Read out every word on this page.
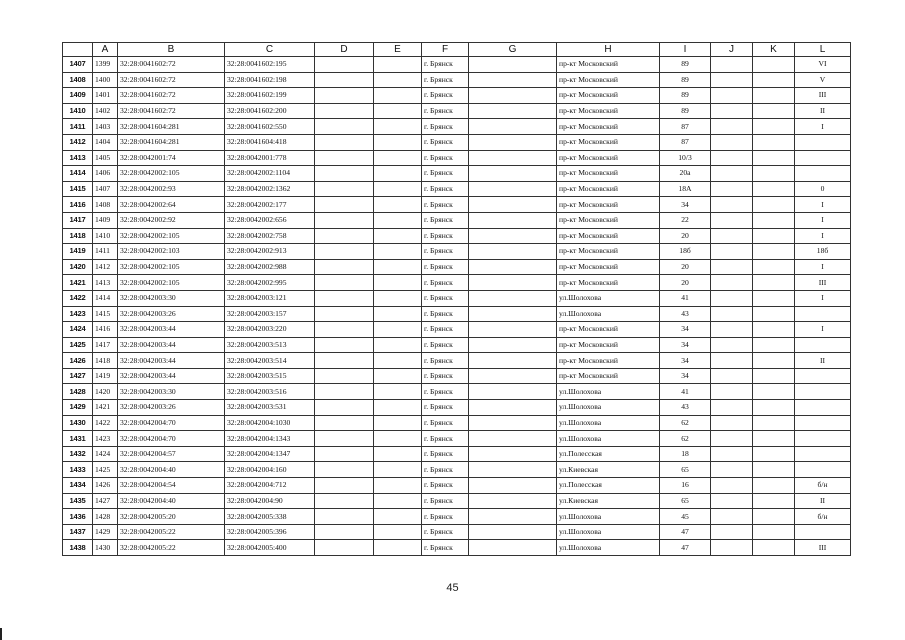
	A	B	C	D	E	F	G	H	I	J	K	L
1407	1399	32:28:0041602:72	32:28:0041602:195			г. Брянск		пр-кт Московский	89			VI
1408	1400	32:28:0041602:72	32:28:0041602:198			г. Брянск		пр-кт Московский	89			V
1409	1401	32:28:0041602:72	32:28:0041602:199			г. Брянск		пр-кт Московский	89			III
1410	1402	32:28:0041602:72	32:28:0041602:200			г. Брянск		пр-кт Московский	89			II
1411	1403	32:28:0041604:281	32:28:0041602:550			г. Брянск		пр-кт Московский	87			I
1412	1404	32:28:0041604:281	32:28:0041604:418			г. Брянск		пр-кт Московский	87			
1413	1405	32:28:0042001:74	32:28:0042001:778			г. Брянск		пр-кт Московский	10/3			
1414	1406	32:28:0042002:105	32:28:0042002:1104			г. Брянск		пр-кт Московский	20а			
1415	1407	32:28:0042002:93	32:28:0042002:1362			г. Брянск		пр-кт Московский	18А			0
1416	1408	32:28:0042002:64	32:28:0042002:177			г. Брянск		пр-кт Московский	34			I
1417	1409	32:28:0042002:92	32:28:0042002:656			г. Брянск		пр-кт Московский	22			I
1418	1410	32:28:0042002:105	32:28:0042002:758			г. Брянск		пр-кт Московский	20			I
1419	1411	32:28:0042002:103	32:28:0042002:913			г. Брянск		пр-кт Московский	18б			18б
1420	1412	32:28:0042002:105	32:28:0042002:988			г. Брянск		пр-кт Московский	20			I
1421	1413	32:28:0042002:105	32:28:0042002:995			г. Брянск		пр-кт Московский	20			III
1422	1414	32:28:0042003:30	32:28:0042003:121			г. Брянск		ул.Шолохова	41			I
1423	1415	32:28:0042003:26	32:28:0042003:157			г. Брянск		ул.Шолохова	43			
1424	1416	32:28:0042003:44	32:28:0042003:220			г. Брянск		пр-кт Московский	34			I
1425	1417	32:28:0042003:44	32:28:0042003:513			г. Брянск		пр-кт Московский	34			
1426	1418	32:28:0042003:44	32:28:0042003:514			г. Брянск		пр-кт Московский	34			II
1427	1419	32:28:0042003:44	32:28:0042003:515			г. Брянск		пр-кт Московский	34			
1428	1420	32:28:0042003:30	32:28:0042003:516			г. Брянск		ул.Шолохова	41			
1429	1421	32:28:0042003:26	32:28:0042003:531			г. Брянск		ул.Шолохова	43			
1430	1422	32:28:0042004:70	32:28:0042004:1030			г. Брянск		ул.Шолохова	62			
1431	1423	32:28:0042004:70	32:28:0042004:1343			г. Брянск		ул.Шолохова	62			
1432	1424	32:28:0042004:57	32:28:0042004:1347			г. Брянск		ул.Полесская	18			
1433	1425	32:28:0042004:40	32:28:0042004:160			г. Брянск		ул.Киевская	65			
1434	1426	32:28:0042004:54	32:28:0042004:712			г. Брянск		ул.Полесская	16			б/н
1435	1427	32:28:0042004:40	32:28:0042004:90			г. Брянск		ул.Киевская	65			II
1436	1428	32:28:0042005:20	32:28:0042005:338			г. Брянск		ул.Шолохова	45			б/н
1437	1429	32:28:0042005:22	32:28:0042005:396			г. Брянск		ул.Шолохова	47			
1438	1430	32:28:0042005:22	32:28:0042005:400			г. Брянск		ул.Шолохова	47			III
45
